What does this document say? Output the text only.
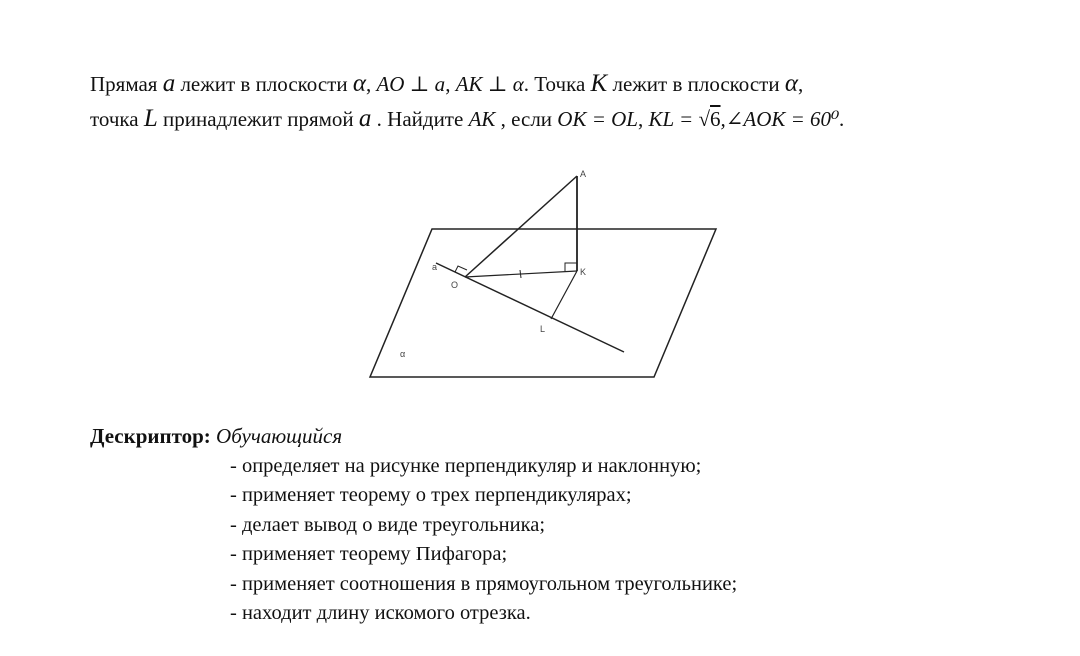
Прямая a лежит в плоскости α, AO ⊥ a, AK ⊥ α. Точка K лежит в плоскости α,
точка L принадлежит прямой a . Найдите AK , если OK = OL, KL = √6,∠AOK = 60⁰.
A
K
O
L
a
α
Дескриптор: Обучающийся
- определяет на рисунке перпендикуляр и наклонную;
- применяет теорему о трех перпендикулярах;
- делает вывод о виде треугольника;
- применяет теорему Пифагора;
- применяет соотношения в прямоугольном треугольнике;
- находит длину искомого отрезка.
